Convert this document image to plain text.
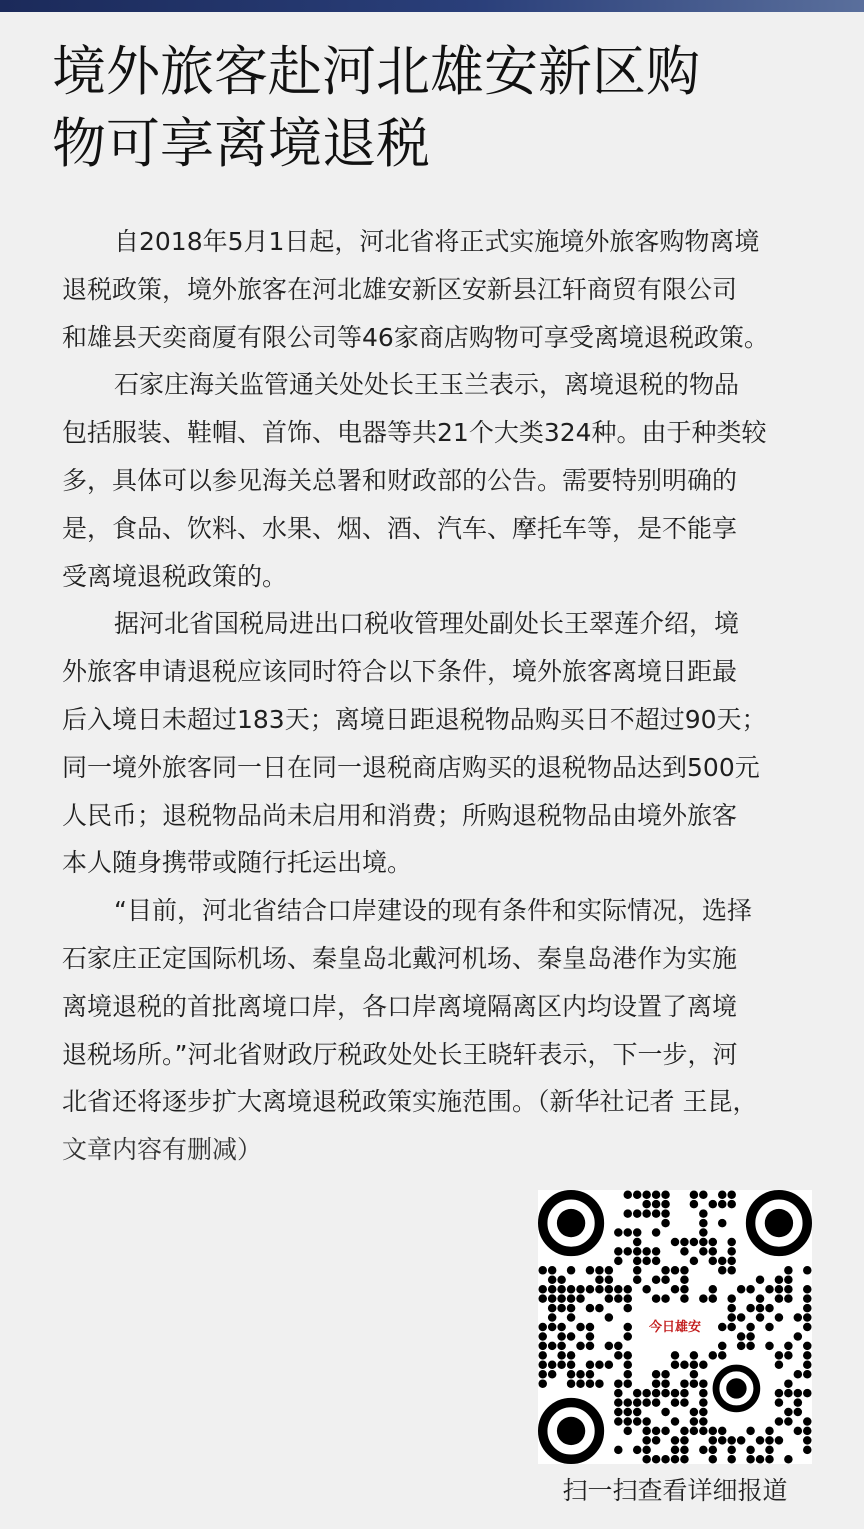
境外旅客赴河北雄安新区购
物可享离境退税

自2018年5月1日起，河北省将正式实施境外旅客购物离境
退税政策，境外旅客在河北雄安新区安新县江轩商贸有限公司
和雄县天奕商厦有限公司等46家商店购物可享受离境退税政策。

石家庄海关监管通关处处长王玉兰表示，离境退税的物品
包括服装、鞋帽、首饰、电器等共21个大类324种。由于种类较
多，具体可以参见海关总署和财政部的公告。需要特别明确的
是，食品、饮料、水果、烟、酒、汽车、摩托车等，是不能享
受离境退税政策的。

据河北省国税局进出口税收管理处副处长王翠莲介绍，境
外旅客申请退税应该同时符合以下条件，境外旅客离境日距最
后入境日未超过183天；离境日距退税物品购买日不超过90天；
同一境外旅客同一日在同一退税商店购买的退税物品达到500元
人民币；退税物品尚未启用和消费；所购退税物品由境外旅客
本人随身携带或随行托运出境。

“目前，河北省结合口岸建设的现有条件和实际情况，选择
石家庄正定国际机场、秦皇岛北戴河机场、秦皇岛港作为实施
离境退税的首批离境口岸，各口岸离境隔离区内均设置了离境
退税场所。”河北省财政厅税政处处长王晓轩表示，下一步，河
北省还将逐步扩大离境退税政策实施范围。（新华社记者 王昆，

文章内容有删减）

今日雄安
扫一扫查看详细报道
